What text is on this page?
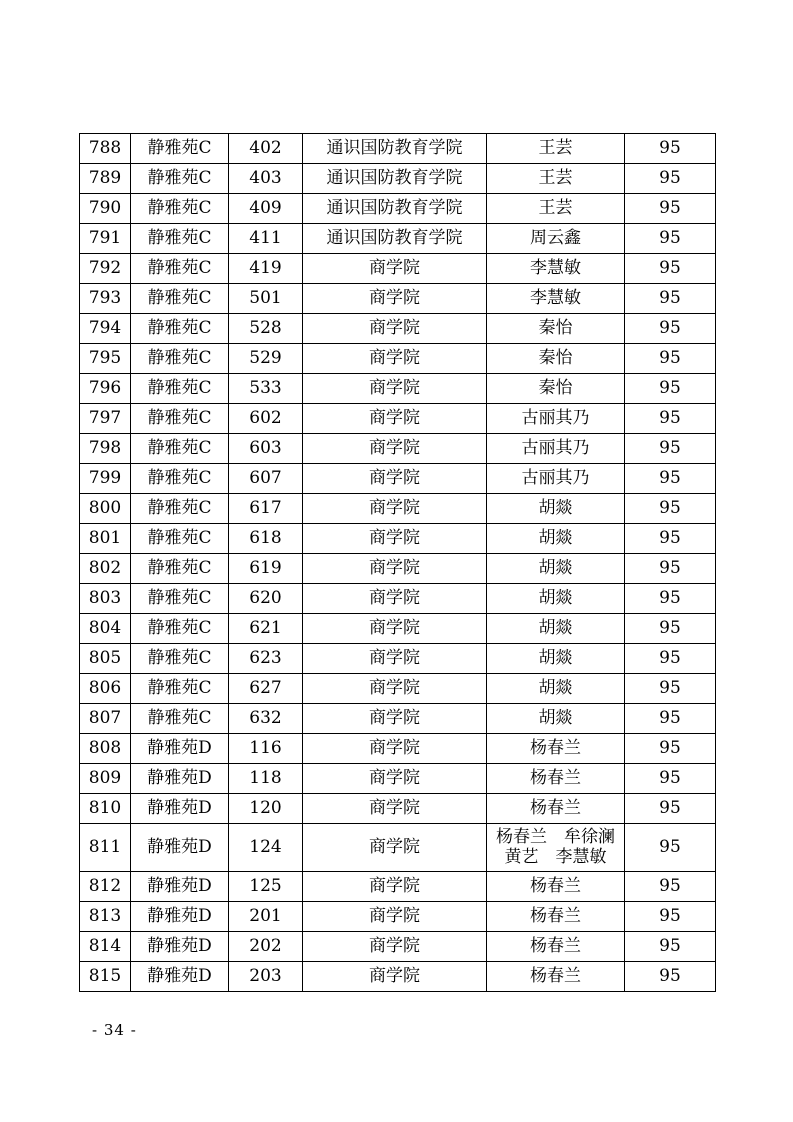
788	静雅苑C	402	通识国防教育学院	王芸	95
789	静雅苑C	403	通识国防教育学院	王芸	95
790	静雅苑C	409	通识国防教育学院	王芸	95
791	静雅苑C	411	通识国防教育学院	周云鑫	95
792	静雅苑C	419	商学院	李慧敏	95
793	静雅苑C	501	商学院	李慧敏	95
794	静雅苑C	528	商学院	秦怡	95
795	静雅苑C	529	商学院	秦怡	95
796	静雅苑C	533	商学院	秦怡	95
797	静雅苑C	602	商学院	古丽其乃	95
798	静雅苑C	603	商学院	古丽其乃	95
799	静雅苑C	607	商学院	古丽其乃	95
800	静雅苑C	617	商学院	胡燚	95
801	静雅苑C	618	商学院	胡燚	95
802	静雅苑C	619	商学院	胡燚	95
803	静雅苑C	620	商学院	胡燚	95
804	静雅苑C	621	商学院	胡燚	95
805	静雅苑C	623	商学院	胡燚	95
806	静雅苑C	627	商学院	胡燚	95
807	静雅苑C	632	商学院	胡燚	95
808	静雅苑D	116	商学院	杨春兰	95
809	静雅苑D	118	商学院	杨春兰	95
810	静雅苑D	120	商学院	杨春兰	95
811	静雅苑D	124	商学院	杨春兰　牟徐澜
黄艺　李慧敏	95
812	静雅苑D	125	商学院	杨春兰	95
813	静雅苑D	201	商学院	杨春兰	95
814	静雅苑D	202	商学院	杨春兰	95
815	静雅苑D	203	商学院	杨春兰	95
- 34 -
